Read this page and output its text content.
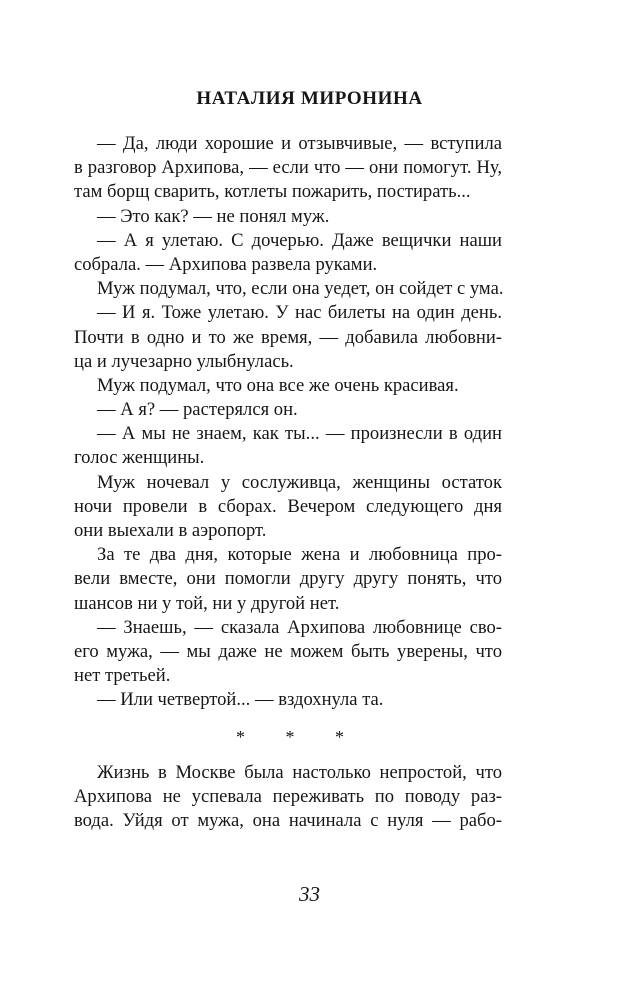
НАТАЛИЯ МИРОНИНА
— Да, люди хорошие и отзывчивые, — вступила
в разговор Архипова, — если что — они помогут. Ну,
там борщ сварить, котлеты пожарить, постирать...
— Это как? — не понял муж.
— А я улетаю. С дочерью. Даже вещички наши
собрала. — Архипова развела руками.
Муж подумал, что, если она уедет, он сойдет с ума.
— И я. Тоже улетаю. У нас билеты на один день.
Почти в одно и то же время, — добавила любовни-
ца и лучезарно улыбнулась.
Муж подумал, что она все же очень красивая.
— А я? — растерялся он.
— А мы не знаем, как ты... — произнесли в один
голос женщины.
Муж ночевал у сослуживца, женщины остаток
ночи провели в сборах. Вечером следующего дня
они выехали в аэропорт.
За те два дня, которые жена и любовница про-
вели вместе, они помогли другу другу понять, что
шансов ни у той, ни у другой нет.
— Знаешь, — сказала Архипова любовнице сво-
его мужа, — мы даже не можем быть уверены, что
нет третьей.
— Или четвертой... — вздохнула та.
* * *
Жизнь в Москве была настолько непростой, что
Архипова не успевала переживать по поводу раз-
вода. Уйдя от мужа, она начинала с нуля — рабо-
33
